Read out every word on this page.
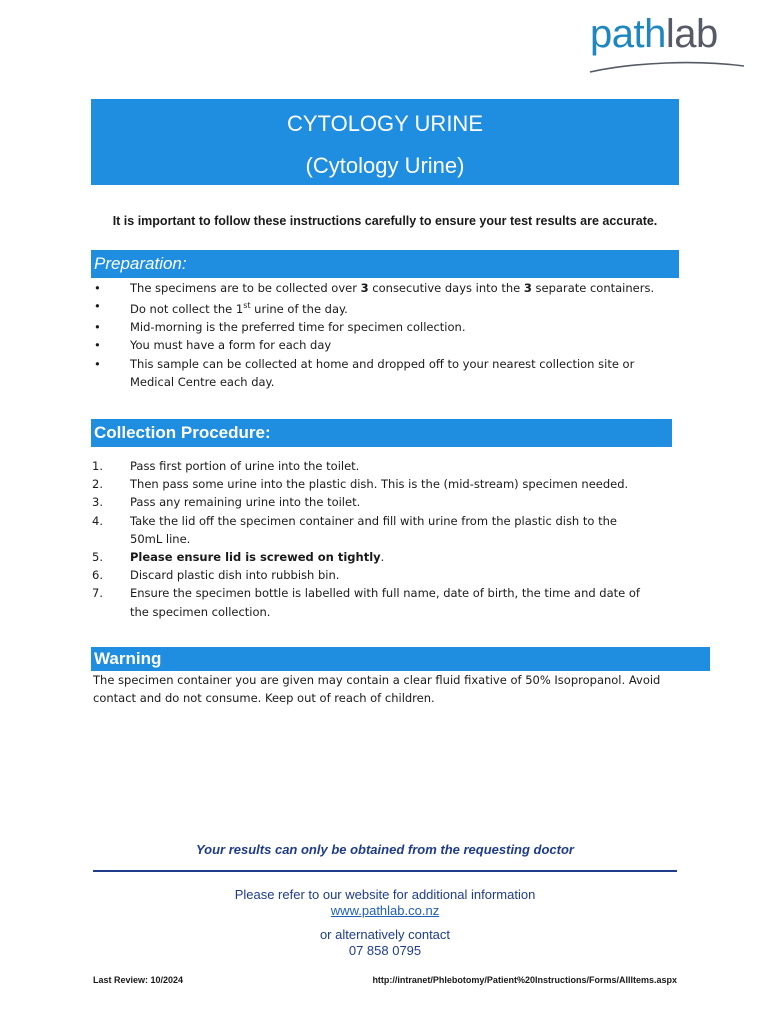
pathlab
CYTOLOGY URINE
(Cytology Urine)
It is important to follow these instructions carefully to ensure your test results are accurate.
Preparation:
•	The specimens are to be collected over 3 consecutive days into the 3 separate containers.
•	Do not collect the 1st urine of the day.
•	Mid-morning is the preferred time for specimen collection.
•	You must have a form for each day
•	This sample can be collected at home and dropped off to your nearest collection site or
Medical Centre each day.
Collection Procedure:
1.	Pass first portion of urine into the toilet.
2.	Then pass some urine into the plastic dish. This is the (mid-stream) specimen needed.
3.	Pass any remaining urine into the toilet.
4.	Take the lid off the specimen container and fill with urine from the plastic dish to the
50mL line.
5.	Please ensure lid is screwed on tightly.
6.	Discard plastic dish into rubbish bin.
7.	Ensure the specimen bottle is labelled with full name, date of birth, the time and date of
the specimen collection.
Warning
The specimen container you are given may contain a clear fluid fixative of 50% Isopropanol. Avoid
contact and do not consume. Keep out of reach of children.
Your results can only be obtained from the requesting doctor
Please refer to our website for additional information
www.pathlab.co.nz
or alternatively contact
07 858 0795
Last Review: 10/2024	http://intranet/Phlebotomy/Patient%20Instructions/Forms/AllItems.aspx
